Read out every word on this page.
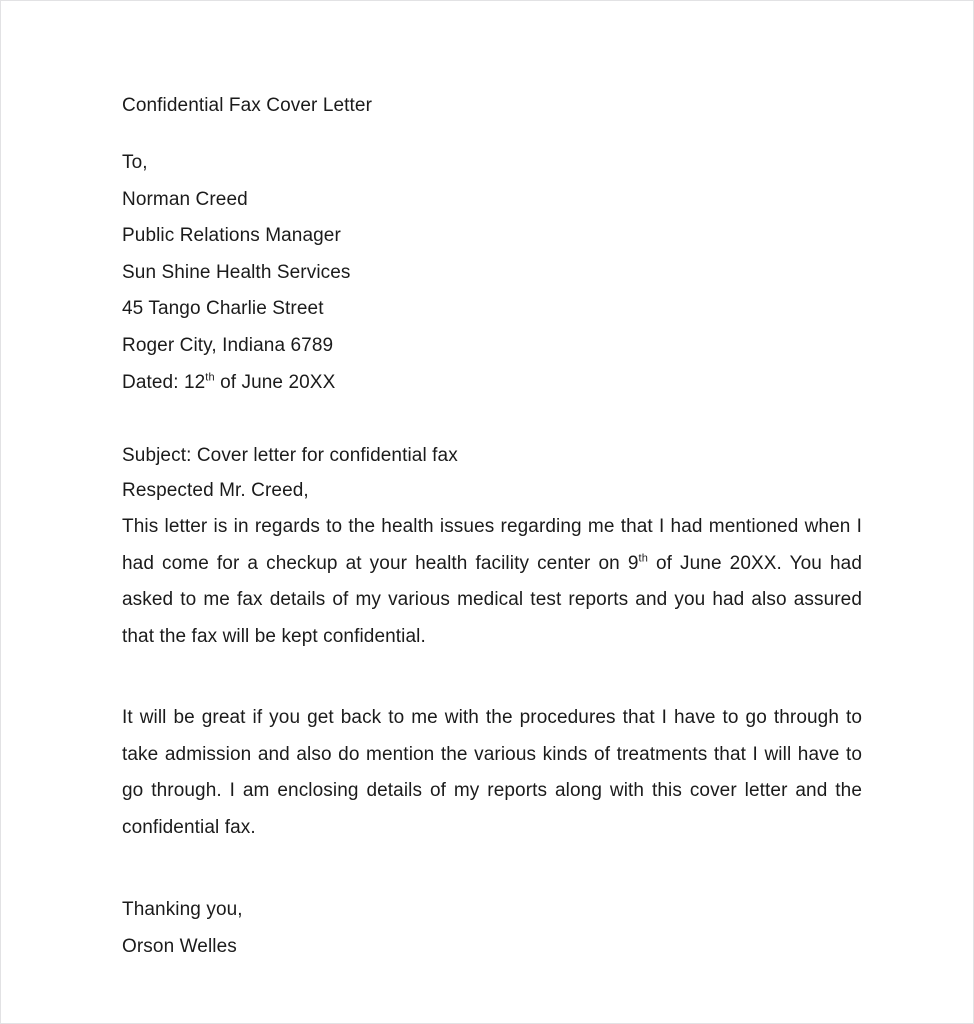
Confidential Fax Cover Letter
To,
Norman Creed
Public Relations Manager
Sun Shine Health Services
45 Tango Charlie Street
Roger City, Indiana 6789
Dated: 12th of June 20XX
Subject: Cover letter for confidential fax
Respected Mr. Creed,

This letter is in regards to the health issues regarding me that I had mentioned when I had come for a checkup at your health facility center on 9th of June 20XX. You had asked to me fax details of my various medical test reports and you had also assured that the fax will be kept confidential.

It will be great if you get back to me with the procedures that I have to go through to take admission and also do mention the various kinds of treatments that I will have to go through. I am enclosing details of my reports along with this cover letter and the confidential fax.

Thanking you,
Orson Welles
